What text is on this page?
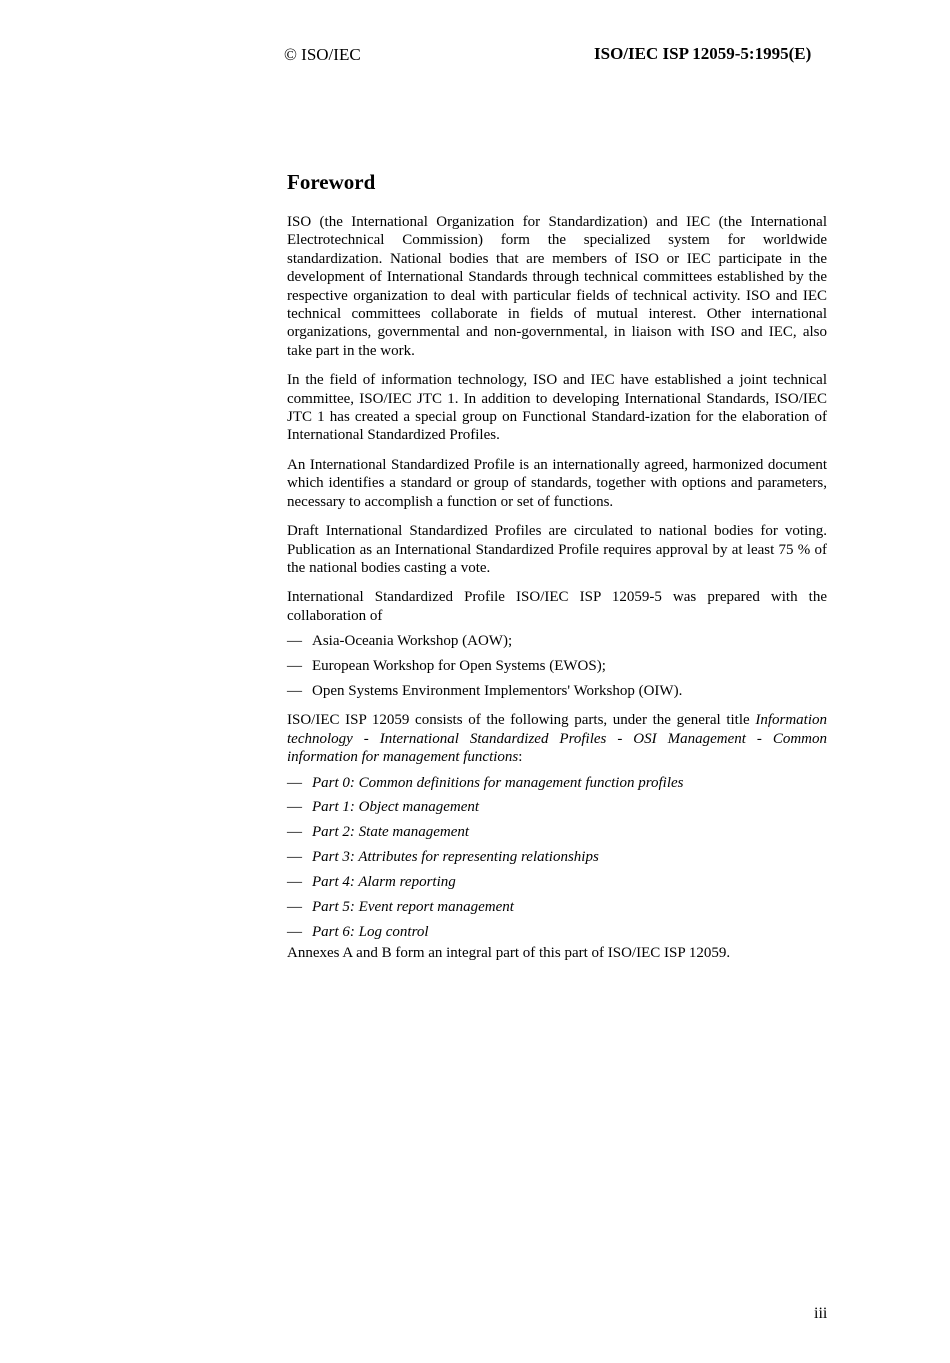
© ISO/IEC	ISO/IEC ISP 12059-5:1995(E)
Foreword

ISO (the International Organization for Standardization) and IEC (the International Electrotechnical Commission) form the specialized system for worldwide standardization. National bodies that are members of ISO or IEC participate in the development of International Standards through technical committees established by the respective organization to deal with particular fields of technical activity. ISO and IEC technical committees collaborate in fields of mutual interest. Other international organizations, governmental and non-governmental, in liaison with ISO and IEC, also take part in the work.

In the field of information technology, ISO and IEC have established a joint technical committee, ISO/IEC JTC 1. In addition to developing International Standards, ISO/IEC JTC 1 has created a special group on Functional Standard-ization for the elaboration of International Standardized Profiles.

An International Standardized Profile is an internationally agreed, harmonized document which identifies a standard or group of standards, together with options and parameters, necessary to accomplish a function or set of functions.

Draft International Standardized Profiles are circulated to national bodies for voting. Publication as an International Standardized Profile requires approval by at least 75 % of the national bodies casting a vote.

International Standardized Profile ISO/IEC ISP 12059-5 was prepared with the collaboration of

— Asia-Oceania Workshop (AOW);
— European Workshop for Open Systems (EWOS);
— Open Systems Environment Implementors' Workshop (OIW).

ISO/IEC ISP 12059 consists of the following parts, under the general title Information technology - International Standardized Profiles - OSI Management - Common information for management functions:

— Part 0: Common definitions for management function profiles
— Part 1: Object management
— Part 2: State management
— Part 3: Attributes for representing relationships
— Part 4: Alarm reporting
— Part 5: Event report management
— Part 6: Log control

Annexes A and B form an integral part of this part of ISO/IEC ISP 12059.

iii
